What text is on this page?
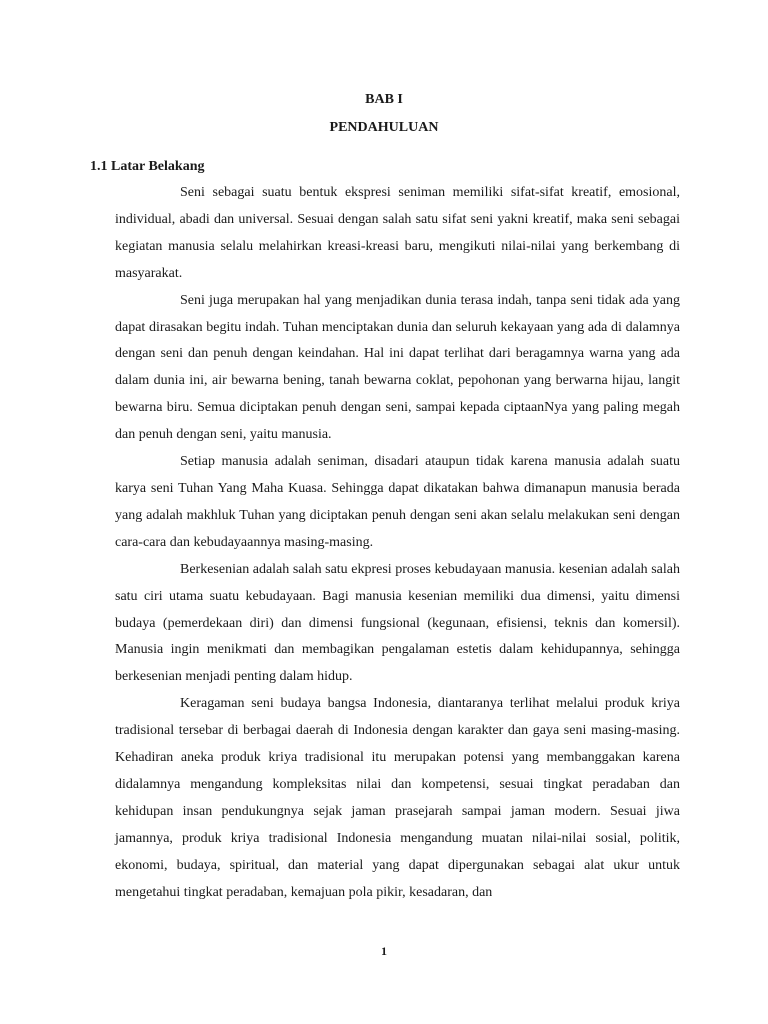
BAB I
PENDAHULUAN
1.1 Latar Belakang

Seni sebagai suatu bentuk ekspresi seniman memiliki sifat-sifat kreatif, emosional, individual, abadi dan universal. Sesuai dengan salah satu sifat seni yakni kreatif, maka seni sebagai kegiatan manusia selalu melahirkan kreasi-kreasi baru, mengikuti nilai-nilai yang berkembang di masyarakat.

Seni juga merupakan hal yang menjadikan dunia terasa indah, tanpa seni tidak ada yang dapat dirasakan begitu indah. Tuhan menciptakan dunia dan seluruh kekayaan yang ada di dalamnya dengan seni dan penuh dengan keindahan. Hal ini dapat terlihat dari beragamnya warna yang ada dalam dunia ini, air bewarna bening, tanah bewarna coklat, pepohonan yang berwarna hijau, langit bewarna biru. Semua diciptakan penuh dengan seni, sampai kepada ciptaanNya yang paling megah dan penuh dengan seni, yaitu manusia.

Setiap manusia adalah seniman, disadari ataupun tidak karena manusia adalah suatu karya seni Tuhan Yang Maha Kuasa. Sehingga dapat dikatakan bahwa dimanapun manusia berada yang adalah makhluk Tuhan yang diciptakan penuh dengan seni akan selalu melakukan seni dengan cara-cara dan kebudayaannya masing-masing.

Berkesenian adalah salah satu ekpresi proses kebudayaan manusia. kesenian adalah salah satu ciri utama suatu kebudayaan. Bagi manusia kesenian memiliki dua dimensi, yaitu dimensi budaya (pemerdekaan diri) dan dimensi fungsional (kegunaan, efisiensi, teknis dan komersil). Manusia ingin menikmati dan membagikan pengalaman estetis dalam kehidupannya, sehingga berkesenian menjadi penting dalam hidup.

Keragaman seni budaya bangsa Indonesia, diantaranya terlihat melalui produk kriya tradisional tersebar di berbagai daerah di Indonesia dengan karakter dan gaya seni masing-masing. Kehadiran aneka produk kriya tradisional itu merupakan potensi yang membanggakan karena didalamnya mengandung kompleksitas nilai dan kompetensi, sesuai tingkat peradaban dan kehidupan insan pendukungnya sejak jaman prasejarah sampai jaman modern. Sesuai jiwa jamannya, produk kriya tradisional Indonesia mengandung muatan nilai-nilai sosial, politik, ekonomi, budaya, spiritual, dan material yang dapat dipergunakan sebagai alat ukur untuk mengetahui tingkat peradaban, kemajuan pola pikir, kesadaran, dan

1
